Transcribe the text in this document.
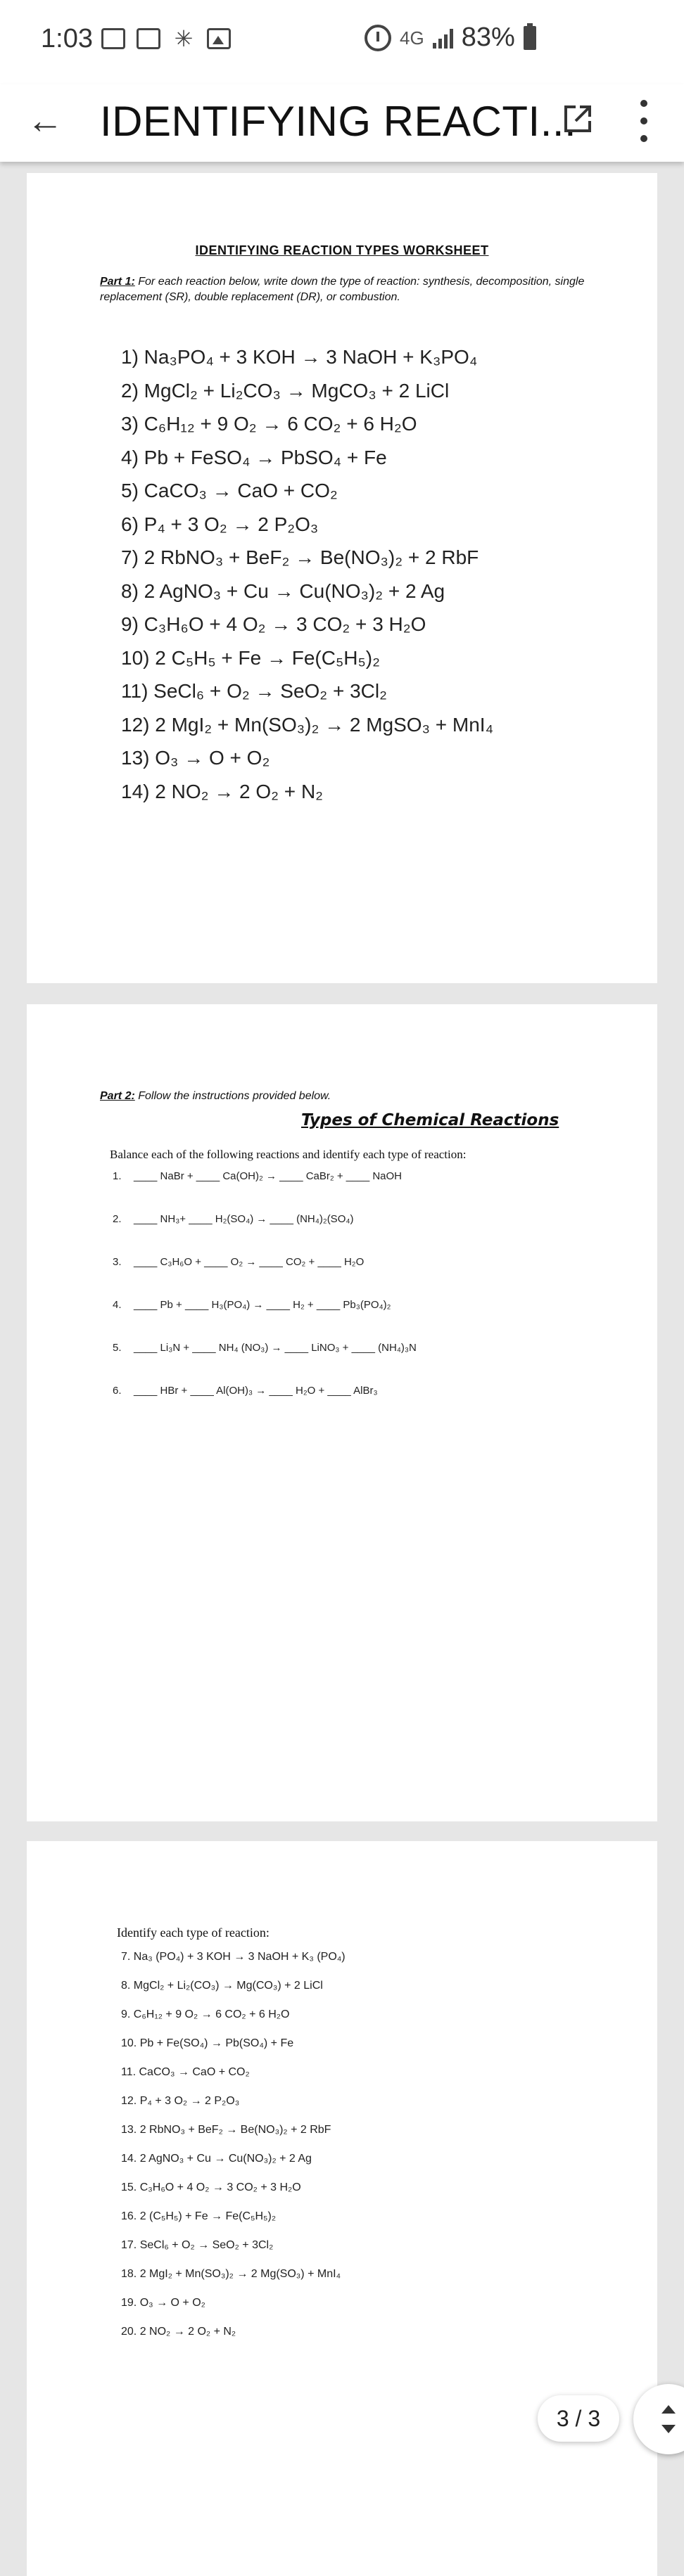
1:03	✳	4G 83%
← IDENTIFYING REACTI...
IDENTIFYING REACTION TYPES WORKSHEET
Part 1: For each reaction below, write down the type of reaction: synthesis, decomposition, single replacement (SR), double replacement (DR), or combustion.
1) Na₃PO₄ + 3 KOH → 3 NaOH + K₃PO₄
2) MgCl₂ + Li₂CO₃ → MgCO₃ + 2 LiCl
3) C₆H₁₂ + 9 O₂ → 6 CO₂ + 6 H₂O
4) Pb + FeSO₄ → PbSO₄ + Fe
5) CaCO₃ → CaO + CO₂
6) P₄ + 3 O₂ → 2 P₂O₃
7) 2 RbNO₃ + BeF₂ → Be(NO₃)₂ + 2 RbF
8) 2 AgNO₃ + Cu → Cu(NO₃)₂ + 2 Ag
9) C₃H₆O + 4 O₂ → 3 CO₂ + 3 H₂O
10) 2 C₅H₅ + Fe → Fe(C₅H₅)₂
11) SeCl₆ + O₂ → SeO₂ + 3Cl₂
12) 2 MgI₂ + Mn(SO₃)₂ → 2 MgSO₃ + MnI₄
13) O₃ → O + O₂
14) 2 NO₂ → 2 O₂ + N₂
Part 2: Follow the instructions provided below.
Types of Chemical Reactions
Balance each of the following reactions and identify each type of reaction:
1. ____ NaBr + ____ Ca(OH)₂ → ____ CaBr₂ + ____ NaOH
2. ____ NH₃+ ____ H₂(SO₄) → ____ (NH₄)₂(SO₄)
3. ____ C₃H₆O + ____ O₂ → ____ CO₂ + ____ H₂O
4. ____ Pb + ____ H₃(PO₄) → ____ H₂ + ____ Pb₃(PO₄)₂
5. ____ Li₃N + ____ NH₄ (NO₃) → ____ LiNO₃ + ____ (NH₄)₃N
6. ____ HBr + ____ Al(OH)₃ → ____ H₂O + ____ AlBr₃
Identify each type of reaction:
7. Na₃ (PO₄) + 3 KOH → 3 NaOH + K₃ (PO₄)
8. MgCl₂ + Li₂(CO₃) → Mg(CO₃) + 2 LiCl
9. C₆H₁₂ + 9 O₂ → 6 CO₂ + 6 H₂O
10. Pb + Fe(SO₄) → Pb(SO₄) + Fe
11. CaCO₃ → CaO + CO₂
12. P₄ + 3 O₂ → 2 P₂O₃
13. 2 RbNO₃ + BeF₂ → Be(NO₃)₂ + 2 RbF
14. 2 AgNO₃ + Cu → Cu(NO₃)₂ + 2 Ag
15. C₃H₆O + 4 O₂ → 3 CO₂ + 3 H₂O
16. 2 (C₅H₅) + Fe → Fe(C₅H₅)₂
17. SeCl₆ + O₂ → SeO₂ + 3Cl₂
18. 2 MgI₂ + Mn(SO₃)₂ → 2 Mg(SO₃) + MnI₄
19. O₃ → O + O₂
20. 2 NO₂ → 2 O₂ + N₂
3 / 3
